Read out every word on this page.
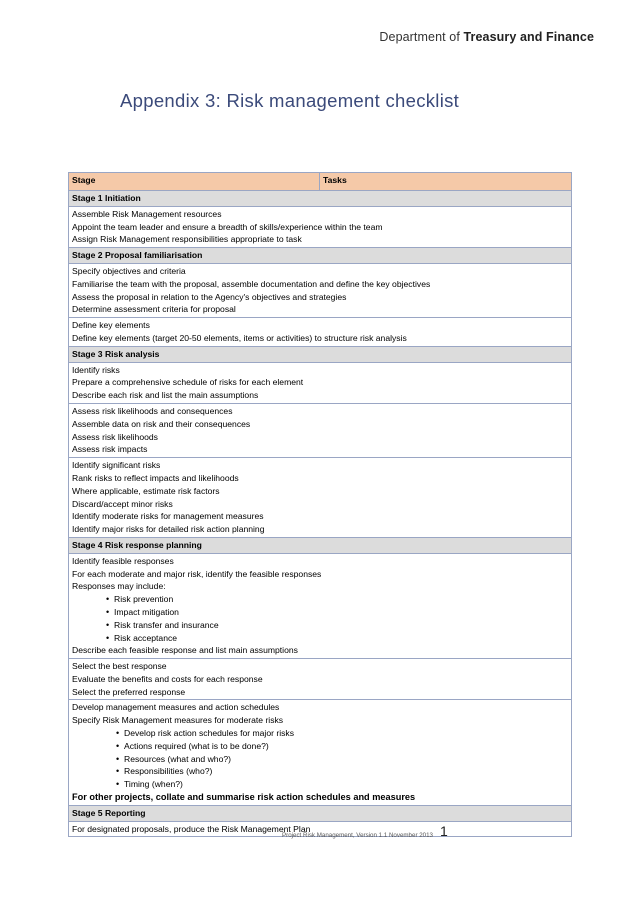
Department of Treasury and Finance
Appendix 3: Risk management checklist
Stage	Tasks
Stage 1 Initiation

Assemble Risk Management resources
Appoint the team leader and ensure a breadth of skills/experience within the team
Assign Risk Management responsibilities appropriate to task

Stage 2 Proposal familiarisation

Specify objectives and criteria
Familiarise the team with the proposal, assemble documentation and define the key objectives
Assess the proposal in relation to the Agency's objectives and strategies
Determine assessment criteria for proposal

Define key elements
Define key elements (target 20-50 elements, items or activities) to structure risk analysis

Stage 3 Risk analysis

Identify risks
Prepare a comprehensive schedule of risks for each element
Describe each risk and list the main assumptions

Assess risk likelihoods and consequences
Assemble data on risk and their consequences
Assess risk likelihoods
Assess risk impacts

Identify significant risks
Rank risks to reflect impacts and likelihoods
Where applicable, estimate risk factors
Discard/accept minor risks
Identify moderate risks for management measures
Identify major risks for detailed risk action planning

Stage 4 Risk response planning

Identify feasible responses
For each moderate and major risk, identify the feasible responses
Responses may include:
• Risk prevention
• Impact mitigation
• Risk transfer and insurance
• Risk acceptance
Describe each feasible response and list main assumptions

Select the best response
Evaluate the benefits and costs for each response
Select the preferred response

Develop management measures and action schedules
Specify Risk Management measures for moderate risks
• Develop risk action schedules for major risks
• Actions required (what is to be done?)
• Resources (what and who?)
• Responsibilities (who?)
• Timing (when?)
For other projects, collate and summarise risk action schedules and measures

Stage 5 Reporting

For designated proposals, produce the Risk Management Plan
Project Risk Management, Version 1.1 November 2013 1
